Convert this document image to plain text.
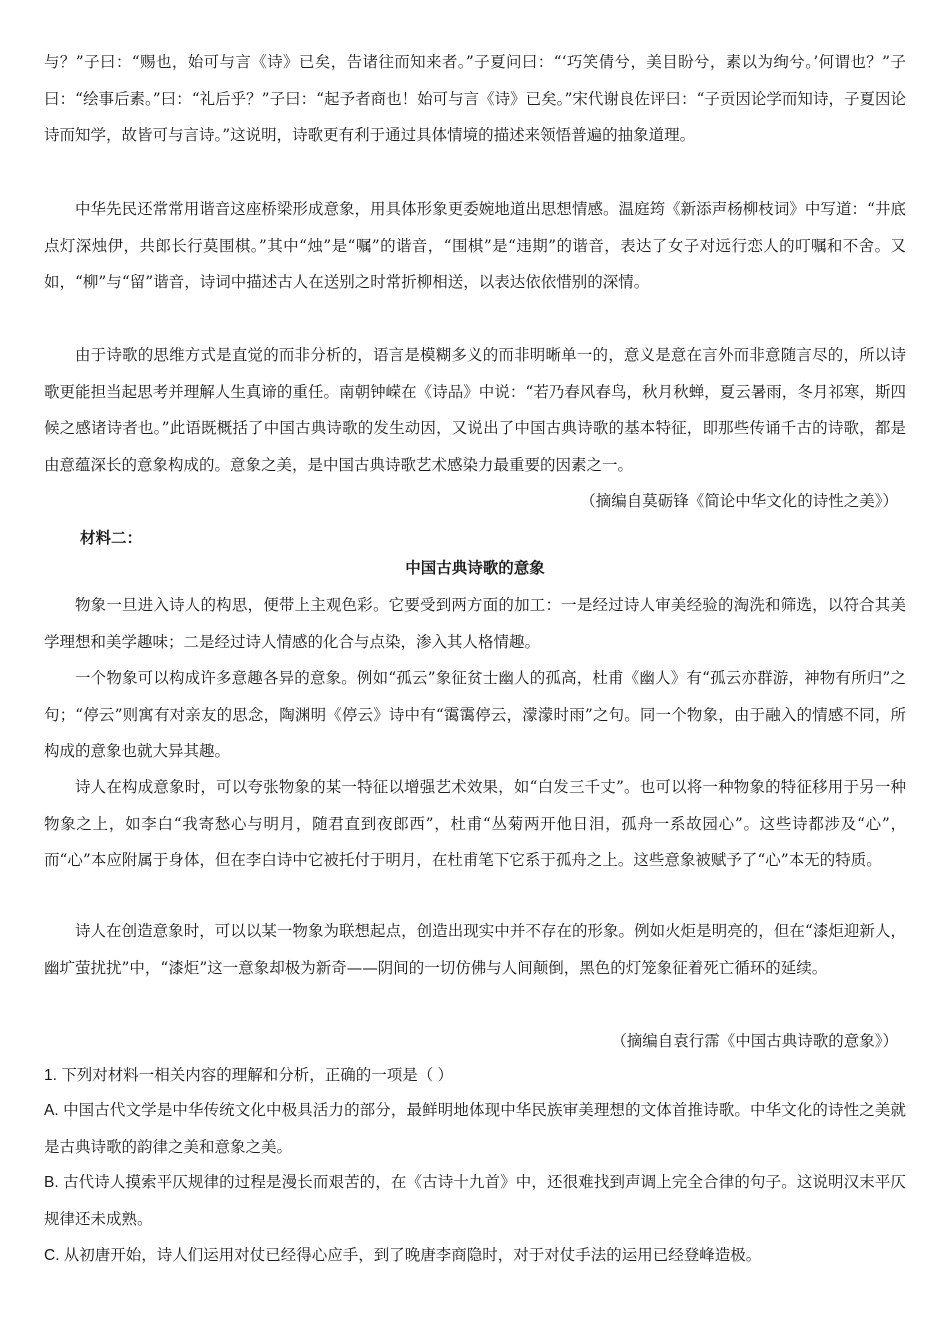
与？”子曰：“赐也，始可与言《诗》已矣，告诸往而知来者。”子夏问曰：“‘巧笑倩兮，美目盼兮，素以为绚兮。’何谓也？”子曰：“绘事后素。”曰：“礼后乎？”子曰：“起予者商也！始可与言《诗》已矣。”宋代谢良佐评曰：“子贡因论学而知诗，子夏因论诗而知学，故皆可与言诗。”这说明，诗歌更有利于通过具体情境的描述来领悟普遍的抽象道理。

中华先民还常常用谐音这座桥梁形成意象，用具体形象更委婉地道出思想情感。温庭筠《新添声杨柳枝词》中写道：“井底点灯深烛伊，共郎长行莫围棋。”其中“烛”是“嘱”的谐音，“围棋”是“违期”的谐音，表达了女子对远行恋人的叮嘱和不舍。又如，“柳”与“留”谐音，诗词中描述古人在送别之时常折柳相送，以表达依依惜别的深情。

由于诗歌的思维方式是直觉的而非分析的，语言是模糊多义的而非明晰单一的，意义是意在言外而非意随言尽的，所以诗歌更能担当起思考并理解人生真谛的重任。南朝钟嵘在《诗品》中说：“若乃春风春鸟，秋月秋蝉，夏云暑雨，冬月祁寒，斯四候之感诸诗者也。”此语既概括了中国古典诗歌的发生动因，又说出了中国古典诗歌的基本特征，即那些传诵千古的诗歌，都是由意蕴深长的意象构成的。意象之美，是中国古典诗歌艺术感染力最重要的因素之一。

（摘编自莫砺锋《简论中华文化的诗性之美》）

材料二：

中国古典诗歌的意象

物象一旦进入诗人的构思，便带上主观色彩。它要受到两方面的加工：一是经过诗人审美经验的淘洗和筛选，以符合其美学理想和美学趣味；二是经过诗人情感的化合与点染，渗入其人格情趣。

一个物象可以构成许多意趣各异的意象。例如“孤云”象征贫士幽人的孤高，杜甫《幽人》有“孤云亦群游，神物有所归”之句；“停云”则寓有对亲友的思念，陶渊明《停云》诗中有“霭霭停云，濛濛时雨”之句。同一个物象，由于融入的情感不同，所构成的意象也就大异其趣。

诗人在构成意象时，可以夸张物象的某一特征以增强艺术效果，如“白发三千丈”。也可以将一种物象的特征移用于另一种物象之上，如李白“我寄愁心与明月，随君直到夜郎西”，杜甫“丛菊两开他日泪，孤舟一系故园心”。这些诗都涉及“心”，而“心”本应附属于身体，但在李白诗中它被托付于明月，在杜甫笔下它系于孤舟之上。这些意象被赋予了“心”本无的特质。

诗人在创造意象时，可以以某一物象为联想起点，创造出现实中并不存在的形象。例如火炬是明亮的，但在“漆炬迎新人，幽圹萤扰扰”中，“漆炬”这一意象却极为新奇——阴间的一切仿佛与人间颠倒，黑色的灯笼象征着死亡循环的延续。

（摘编自袁行霈《中国古典诗歌的意象》）

1. 下列对材料一相关内容的理解和分析，正确的一项是（ ）

A. 中国古代文学是中华传统文化中极具活力的部分，最鲜明地体现中华民族审美理想的文体首推诗歌。中华文化的诗性之美就是古典诗歌的韵律之美和意象之美。

B. 古代诗人摸索平仄规律的过程是漫长而艰苦的，在《古诗十九首》中，还很难找到声调上完全合律的句子。这说明汉末平仄规律还未成熟。

C. 从初唐开始，诗人们运用对仗已经得心应手，到了晚唐李商隐时，对于对仗手法的运用已经登峰造极。
